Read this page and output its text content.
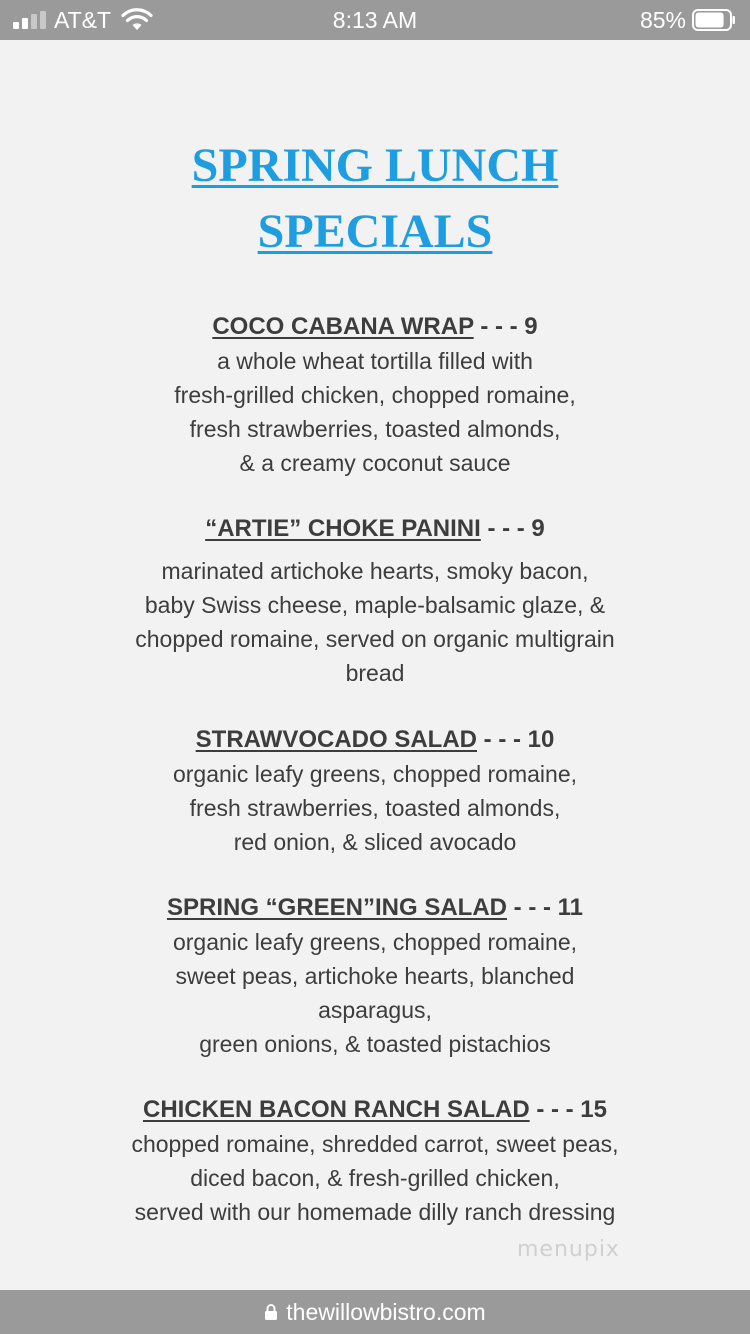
AT&T	8:13 AM	85%
SPRING LUNCH
SPECIALS
COCO CABANA WRAP - - - 9
a whole wheat tortilla filled with
fresh-grilled chicken, chopped romaine,
fresh strawberries, toasted almonds,
& a creamy coconut sauce
“ARTIE” CHOKE PANINI - - - 9
marinated artichoke hearts, smoky bacon,
baby Swiss cheese, maple-balsamic glaze, &
chopped romaine, served on organic multigrain
bread
STRAWVOCADO SALAD - - - 10
organic leafy greens, chopped romaine,
fresh strawberries, toasted almonds,
red onion, & sliced avocado
SPRING “GREEN”ING SALAD - - - 11
organic leafy greens, chopped romaine,
sweet peas, artichoke hearts, blanched
asparagus,
green onions, & toasted pistachios
CHICKEN BACON RANCH SALAD - - - 15
chopped romaine, shredded carrot, sweet peas,
diced bacon, & fresh-grilled chicken,
served with our homemade dilly ranch dressing
menupix
thewillowbistro.com
